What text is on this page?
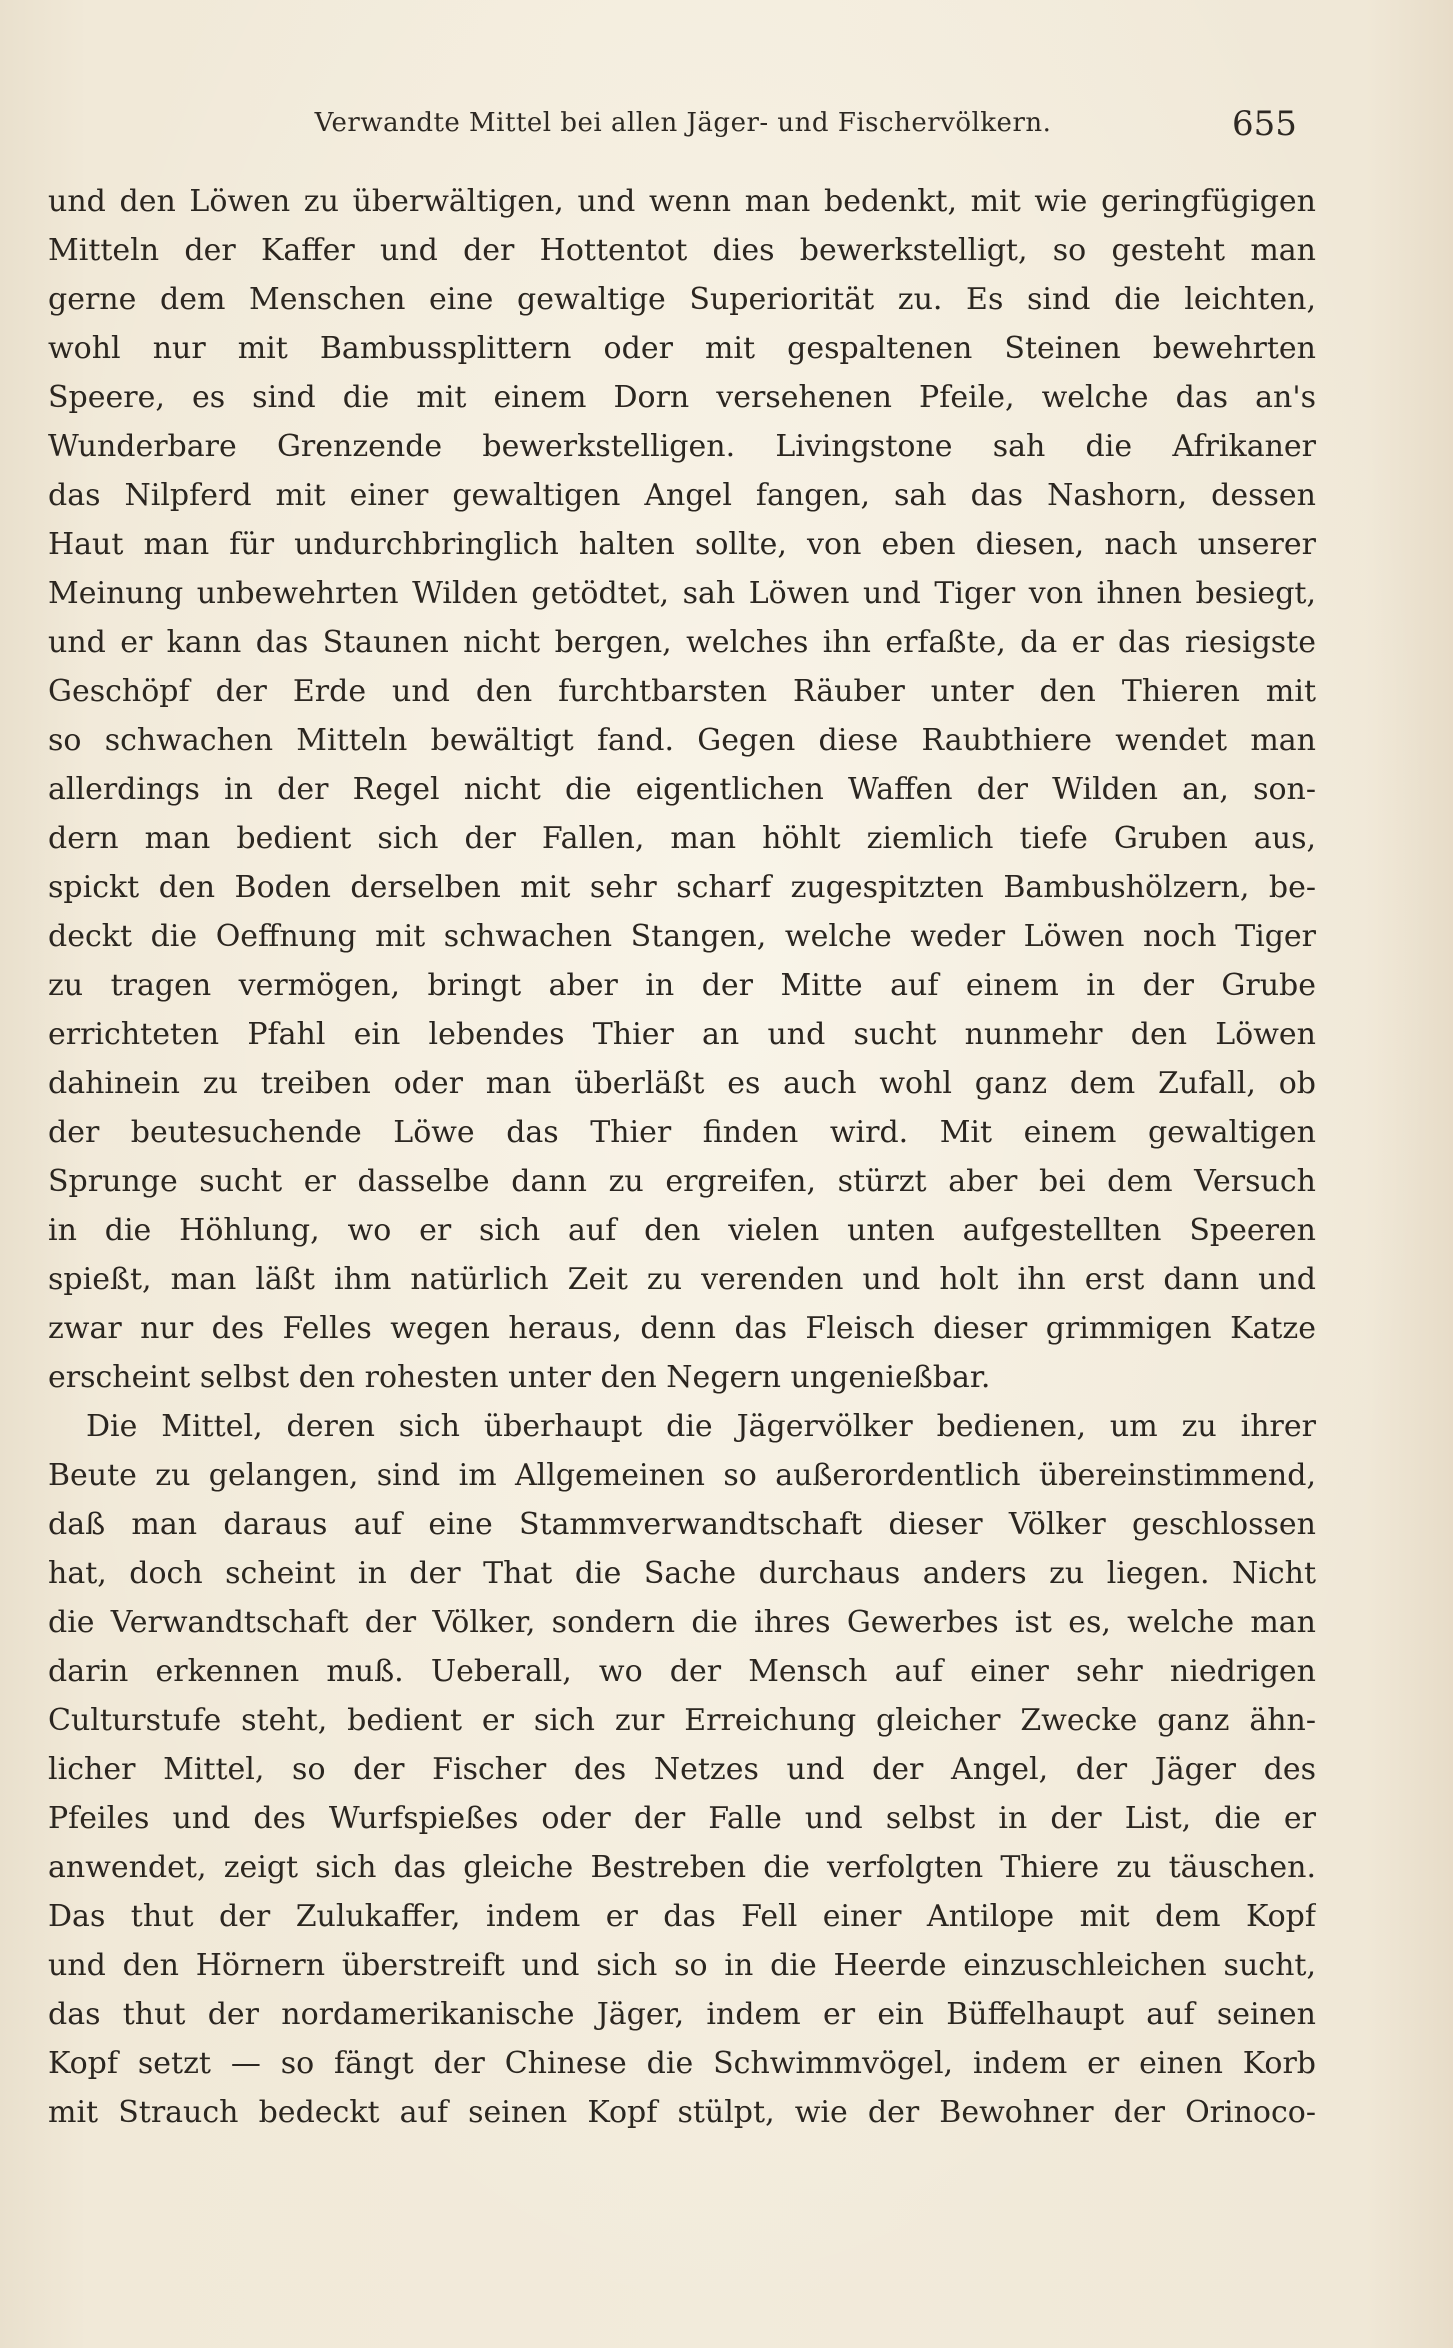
Verwandte Mittel bei allen Jäger- und Fischervölkern.	655
und den Löwen zu überwältigen, und wenn man bedenkt, mit wie geringfügigen
Mitteln der Kaffer und der Hottentot dies bewerkstelligt, so gesteht man
gerne dem Menschen eine gewaltige Superiorität zu. Es sind die leichten,
wohl nur mit Bambussplittern oder mit gespaltenen Steinen bewehrten
Speere, es sind die mit einem Dorn versehenen Pfeile, welche das an's
Wunderbare Grenzende bewerkstelligen. Livingstone sah die Afrikaner
das Nilpferd mit einer gewaltigen Angel fangen, sah das Nashorn, dessen
Haut man für undurchbringlich halten sollte, von eben diesen, nach unserer
Meinung unbewehrten Wilden getödtet, sah Löwen und Tiger von ihnen besiegt,
und er kann das Staunen nicht bergen, welches ihn erfaßte, da er das riesigste
Geschöpf der Erde und den furchtbarsten Räuber unter den Thieren mit
so schwachen Mitteln bewältigt fand. Gegen diese Raubthiere wendet man
allerdings in der Regel nicht die eigentlichen Waffen der Wilden an, son-
dern man bedient sich der Fallen, man höhlt ziemlich tiefe Gruben aus,
spickt den Boden derselben mit sehr scharf zugespitzten Bambushölzern, be-
deckt die Oeffnung mit schwachen Stangen, welche weder Löwen noch Tiger
zu tragen vermögen, bringt aber in der Mitte auf einem in der Grube
errichteten Pfahl ein lebendes Thier an und sucht nunmehr den Löwen
dahinein zu treiben oder man überläßt es auch wohl ganz dem Zufall, ob
der beutesuchende Löwe das Thier finden wird. Mit einem gewaltigen
Sprunge sucht er dasselbe dann zu ergreifen, stürzt aber bei dem Versuch
in die Höhlung, wo er sich auf den vielen unten aufgestellten Speeren
spießt, man läßt ihm natürlich Zeit zu verenden und holt ihn erst dann und
zwar nur des Felles wegen heraus, denn das Fleisch dieser grimmigen Katze
erscheint selbst den rohesten unter den Negern ungenießbar.
Die Mittel, deren sich überhaupt die Jägervölker bedienen, um zu ihrer
Beute zu gelangen, sind im Allgemeinen so außerordentlich übereinstimmend,
daß man daraus auf eine Stammverwandtschaft dieser Völker geschlossen
hat, doch scheint in der That die Sache durchaus anders zu liegen. Nicht
die Verwandtschaft der Völker, sondern die ihres Gewerbes ist es, welche man
darin erkennen muß. Ueberall, wo der Mensch auf einer sehr niedrigen
Culturstufe steht, bedient er sich zur Erreichung gleicher Zwecke ganz ähn-
licher Mittel, so der Fischer des Netzes und der Angel, der Jäger des
Pfeiles und des Wurfspießes oder der Falle und selbst in der List, die er
anwendet, zeigt sich das gleiche Bestreben die verfolgten Thiere zu täuschen.
Das thut der Zulukaffer, indem er das Fell einer Antilope mit dem Kopf
und den Hörnern überstreift und sich so in die Heerde einzuschleichen sucht,
das thut der nordamerikanische Jäger, indem er ein Büffelhaupt auf seinen
Kopf setzt — so fängt der Chinese die Schwimmvögel, indem er einen Korb
mit Strauch bedeckt auf seinen Kopf stülpt, wie der Bewohner der Orinoco-
